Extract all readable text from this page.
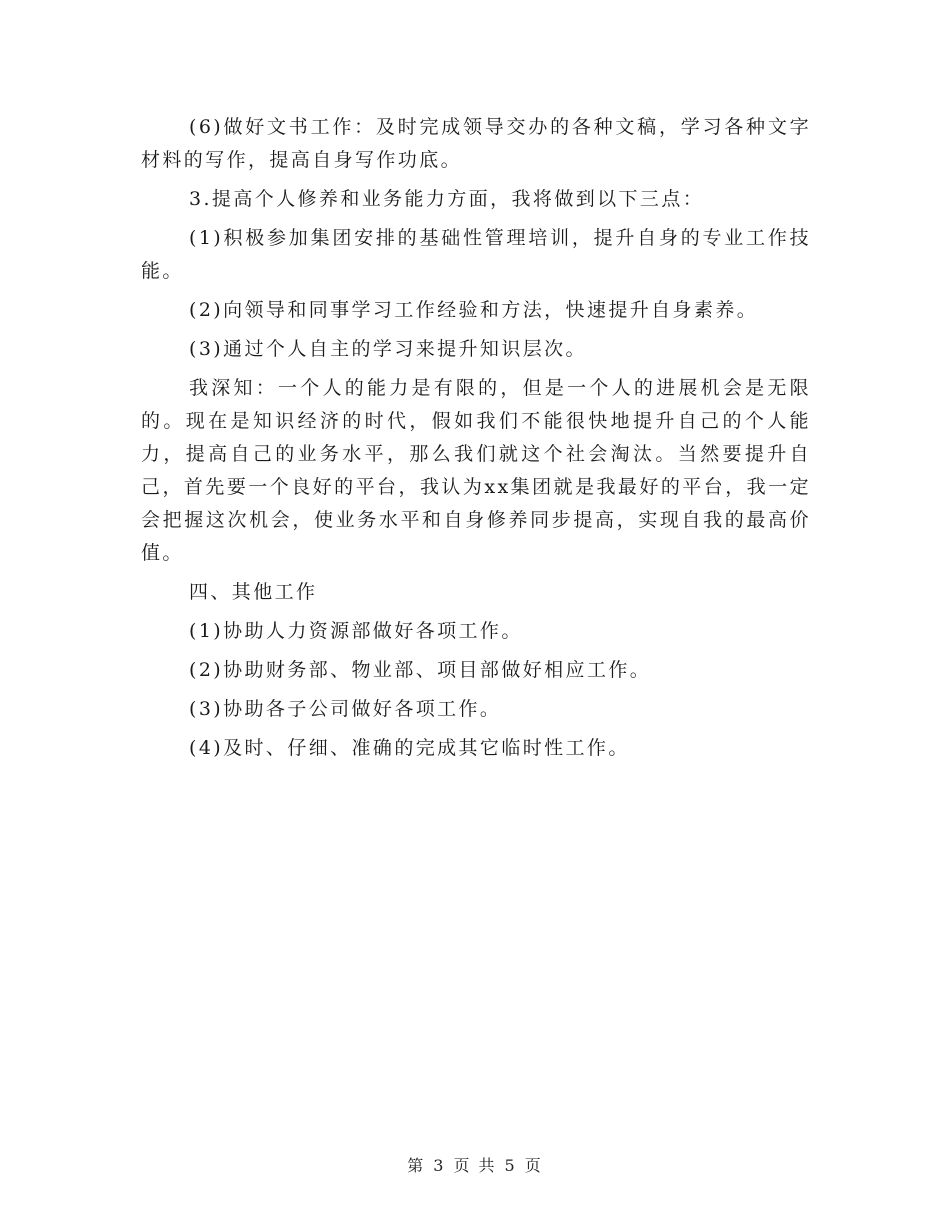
(6)做好文书工作：及时完成领导交办的各种文稿，学习各种文字材料的写作，提高自身写作功底。

3.提高个人修养和业务能力方面，我将做到以下三点：

(1)积极参加集团安排的基础性管理培训，提升自身的专业工作技能。

(2)向领导和同事学习工作经验和方法，快速提升自身素养。

(3)通过个人自主的学习来提升知识层次。

我深知：一个人的能力是有限的，但是一个人的进展机会是无限的。现在是知识经济的时代，假如我们不能很快地提升自己的个人能力，提高自己的业务水平，那么我们就这个社会淘汰。当然要提升自己，首先要一个良好的平台，我认为xx集团就是我最好的平台，我一定会把握这次机会，使业务水平和自身修养同步提高，实现自我的最高价值。

四、其他工作

(1)协助人力资源部做好各项工作。

(2)协助财务部、物业部、项目部做好相应工作。

(3)协助各子公司做好各项工作。

(4)及时、仔细、准确的完成其它临时性工作。

第 3 页 共 5 页
